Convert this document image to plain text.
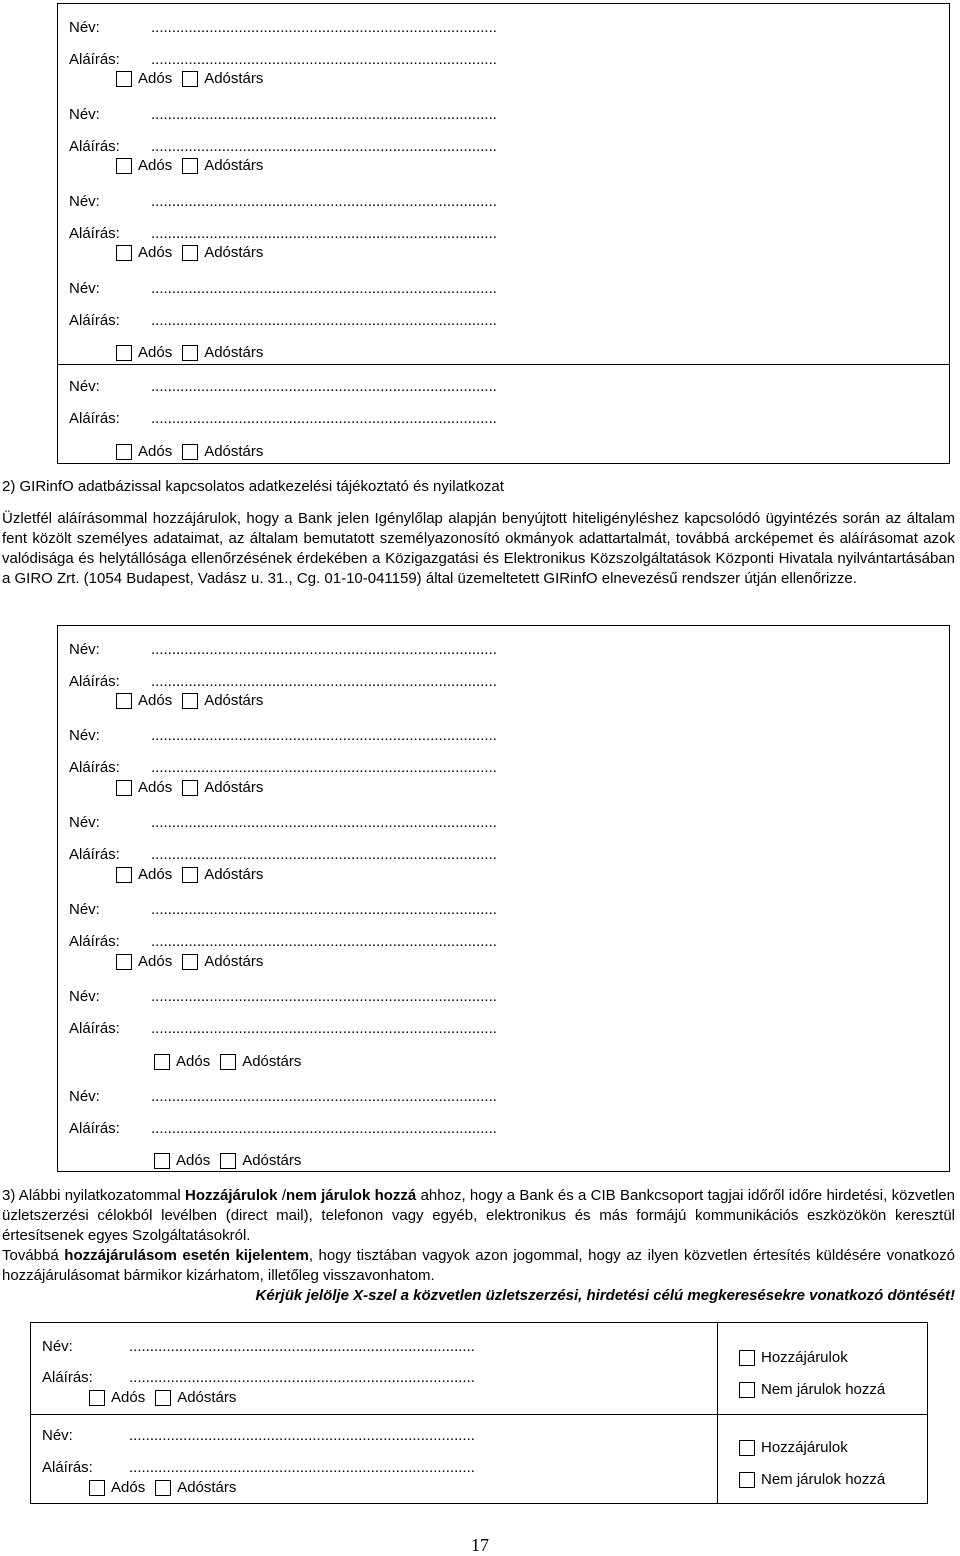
Név:	...................................................................................
Aláírás: ...................................................................................
Adós Adóstárs
Név:	...................................................................................
Aláírás: ...................................................................................
Adós Adóstárs
Név:	...................................................................................
Aláírás: ...................................................................................
Adós Adóstárs
Név:	...................................................................................
Aláírás: ...................................................................................
Adós Adóstárs
Név:	...................................................................................
Aláírás: ...................................................................................
Adós Adóstárs
2) GIRinfO adatbázissal kapcsolatos adatkezelési tájékoztató és nyilatkozat

Üzletfél aláírásommal hozzájárulok, hogy a Bank jelen Igénylőlap alapján benyújtott hiteligényléshez kapcsolódó ügyintézés során az általam fent közölt személyes adataimat, az általam bemutatott személyazonosító okmányok adattartalmát, továbbá arcképemet és aláírásomat azok valódisága és helytállósága ellenőrzésének érdekében a Közigazgatási és Elektronikus Közszolgáltatások Központi Hivatala nyilvántartásában a GIRO Zrt. (1054 Budapest, Vadász u. 31., Cg. 01-10-041159) által üzemeltetett GIRinfO elnevezésű rendszer útján ellenőrizze.

Név:	...................................................................................
Aláírás: ...................................................................................
Adós Adóstárs
Név:	...................................................................................
Aláírás: ...................................................................................
Adós Adóstárs
Név:	...................................................................................
Aláírás: ...................................................................................
Adós Adóstárs
Név:	...................................................................................
Aláírás: ...................................................................................
Adós Adóstárs
Név:	...................................................................................
Aláírás: ...................................................................................
Adós Adóstárs
Név:	...................................................................................
Aláírás: ...................................................................................
Adós Adóstárs

3) Alábbi nyilatkozatommal Hozzájárulok /nem járulok hozzá ahhoz, hogy a Bank és a CIB Bankcsoport tagjai időről időre hirdetési, közvetlen üzletszerzési célokból levélben (direct mail), telefonon vagy egyéb, elektronikus és más formájú kommunikációs eszközökön keresztül értesítsenek egyes Szolgáltatásokról.

Továbbá hozzájárulásom esetén kijelentem, hogy tisztában vagyok azon jogommal, hogy az ilyen közvetlen értesítés küldésére vonatkozó hozzájárulásomat bármikor kizárhatom, illetőleg visszavonhatom.

Kérjük jelölje X-szel a közvetlen üzletszerzési, hirdetési célú megkeresésekre vonatkozó döntését!

Név:	...................................................................................
Aláírás: ...................................................................................
Adós Adóstárs
Hozzájárulok
Nem járulok hozzá
Név:	...................................................................................
Aláírás: ...................................................................................
Adós Adóstárs
Hozzájárulok
Nem járulok hozzá
17
